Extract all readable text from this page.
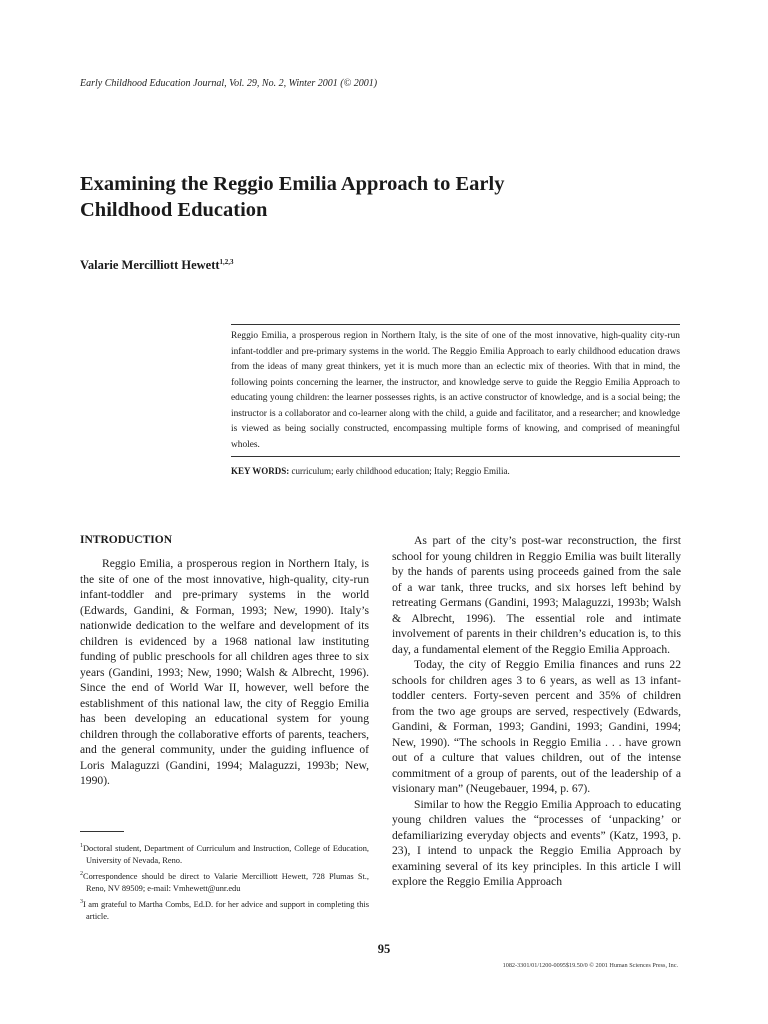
Early Childhood Education Journal, Vol. 29, No. 2, Winter 2001 (© 2001)
Examining the Reggio Emilia Approach to Early Childhood Education
Valarie Mercilliott Hewett$^{1,2,3}$

Reggio Emilia, a prosperous region in Northern Italy, is the site of one of the most innovative, high-quality city-run infant-toddler and pre-primary systems in the world. The Reggio Emilia Approach to early childhood education draws from the ideas of many great thinkers, yet it is much more than an eclectic mix of theories. With that in mind, the following points concerning the learner, the instructor, and knowledge serve to guide the Reggio Emilia Approach to educating young children: the learner possesses rights, is an active constructor of knowledge, and is a social being; the instructor is a collaborator and co-learner along with the child, a guide and facilitator, and a researcher; and knowledge is viewed as being socially constructed, encompassing multiple forms of knowing, and comprised of meaningful wholes.

KEY WORDS: curriculum; early childhood education; Italy; Reggio Emilia.

INTRODUCTION

Reggio Emilia, a prosperous region in Northern Italy, is the site of one of the most innovative, high-quality, city-run infant-toddler and pre-primary systems in the world (Edwards, Gandini, & Forman, 1993; New, 1990). Italy’s nationwide dedication to the welfare and development of its children is evidenced by a 1968 national law instituting funding of public preschools for all children ages three to six years (Gandini, 1993; New, 1990; Walsh & Albrecht, 1996). Since the end of World War II, however, well before the establishment of this national law, the city of Reggio Emilia has been developing an educational system for young children through the collaborative efforts of parents, teachers, and the general community, under the guiding influence of Loris Malaguzzi (Gandini, 1994; Malaguzzi, 1993b; New, 1990).

As part of the city’s post-war reconstruction, the first school for young children in Reggio Emilia was built literally by the hands of parents using proceeds gained from the sale of a war tank, three trucks, and six horses left behind by retreating Germans (Gandini, 1993; Malaguzzi, 1993b; Walsh & Albrecht, 1996). The essential role and intimate involvement of parents in their children’s education is, to this day, a fundamental element of the Reggio Emilia Approach.

Today, the city of Reggio Emilia finances and runs 22 schools for children ages 3 to 6 years, as well as 13 infant-toddler centers. Forty-seven percent and 35% of children from the two age groups are served, respectively (Edwards, Gandini, & Forman, 1993; Gandini, 1993; Gandini, 1994; New, 1990). “The schools in Reggio Emilia . . . have grown out of a culture that values children, out of the intense commitment of a group of parents, out of the leadership of a visionary man” (Neugebauer, 1994, p. 67).

Similar to how the Reggio Emilia Approach to educating young children values the “processes of ‘unpacking’ or defamiliarizing everyday objects and events” (Katz, 1993, p. 23), I intend to unpack the Reggio Emilia Approach by examining several of its key principles. In this article I will explore the Reggio Emilia Approach

$^1$Doctoral student, Department of Curriculum and Instruction, College of Education, University of Nevada, Reno.

$^2$Correspondence should be direct to Valarie Mercilliott Hewett, 728 Plumas St., Reno, NV 89509; e-mail: Vmhewett@unr.edu

$^3$I am grateful to Martha Combs, Ed.D. for her advice and support in completing this article.

95
1082-3301/01/1200-0095$19.50/0 © 2001 Human Sciences Press, Inc.
